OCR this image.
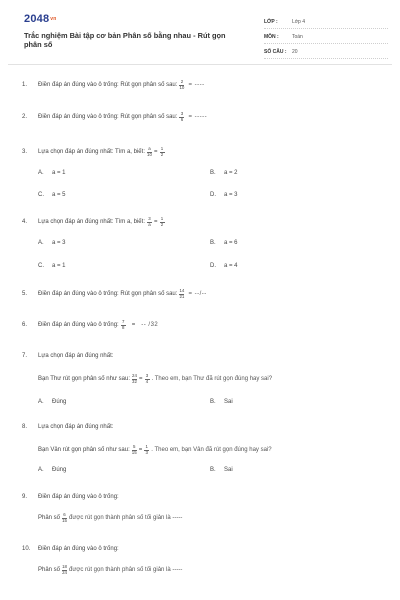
2048vn
Trắc nghiệm Bài tập cơ bản Phân số bằng nhau - Rút gọn phân số
LỚP :	Lớp 4
MÔN :	Toán
SỐ CÂU :	20
1.	Điền đáp án đúng vào ô trống: Rút gọn phân số sau: $\frac{2}{10}$ = ----
2.	Điền đáp án đúng vào ô trống: Rút gọn phân số sau: $\frac{3}{6}$ = -----
3.	Lựa chọn đáp án đúng nhất: Tìm a, biết: $\frac{a}{10} = \frac{1}{2}$
A.	a = 1	B.	a = 2
C.	a = 5	D.	a = 3
4.	Lựa chọn đáp án đúng nhất: Tìm a, biết: $\frac{3}{a} = \frac{1}{2}$
A.	a = 3	B.	a = 6
C.	a = 1	D.	a = 4
5.	Điền đáp án đúng vào ô trống: Rút gọn phân số sau: $\frac{14}{21}$ = --/--
6.	Điền đáp án đúng vào ô trống: $\frac{7}{8}$ = -- /32
7.	Lựa chọn đáp án đúng nhất:
Bạn Thư rút gọn phân số như sau: $\frac{24}{32} = \frac{3}{4}$ . Theo em, bạn Thư đã rút gọn đúng hay sai?
A.	Đúng	B.	Sai
8.	Lựa chọn đáp án đúng nhất:
Bạn Vân rút gọn phân số như sau: $\frac{5}{15} = \frac{1}{3}$ . Theo em, bạn Vân đã rút gọn đúng hay sai?
A.	Đúng	B.	Sai
9.	Điền đáp án đúng vào ô trống:
Phân số $\frac{6}{15}$ được rút gọn thành phân số tối giản là -----
10.	Điền đáp án đúng vào ô trống:
Phân số $\frac{18}{24}$ được rút gọn thành phân số tối giản là -----
